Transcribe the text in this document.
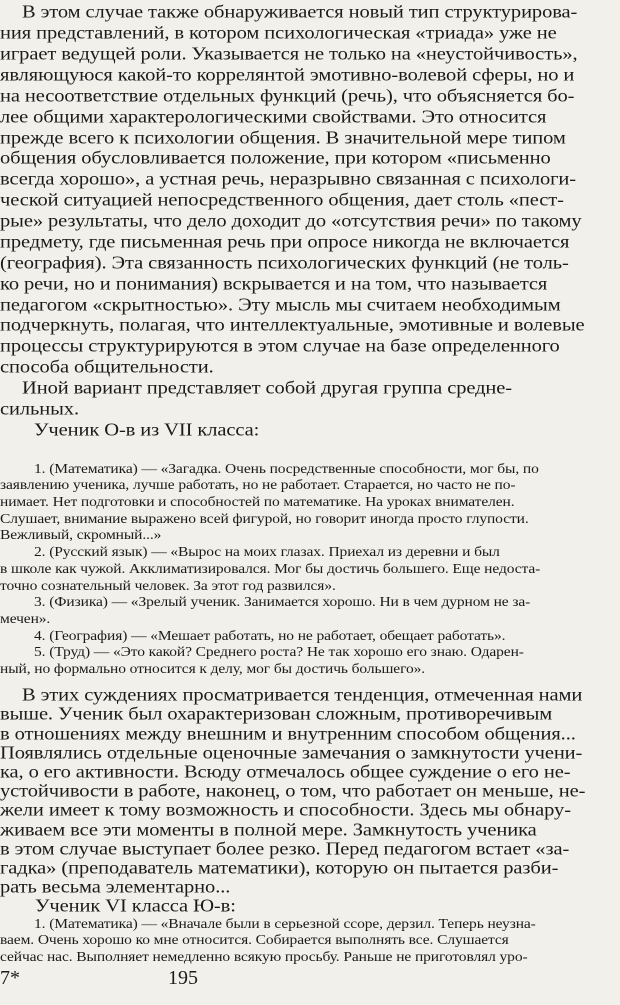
В этом случае также обнаруживается новый тип структурирова-
ния представлений, в котором психологическая «триада» уже не
играет ведущей роли. Указывается не только на «неустойчивость»,
являющуюся какой-то коррелянтой эмотивно-волевой сферы, но и
на несоответствие отдельных функций (речь), что объясняется бо-
лее общими характерологическими свойствами. Это относится
прежде всего к психологии общения. В значительной мере типом
общения обусловливается положение, при котором «письменно
всегда хорошо», а устная речь, неразрывно связанная с психологи-
ческой ситуацией непосредственного общения, дает столь «пест-
рые» результаты, что дело доходит до «отсутствия речи» по такому
предмету, где письменная речь при опросе никогда не включается
(география). Эта связанность психологических функций (не толь-
ко речи, но и понимания) вскрывается и на том, что называется
педагогом «скрытностью». Эту мысль мы считаем необходимым
подчеркнуть, полагая, что интеллектуальные, эмотивные и волевые
процессы структурируются в этом случае на базе определенного
способа общительности.
Иной вариант представляет собой другая группа среднe-
сильных.
Ученик О-в из VII класса:
1. (Математика) — «Загадка. Очень посредственные способности, мог бы, по
заявлению ученика, лучше работать, но не работает. Старается, но часто не по-
нимает. Нет подготовки и способностей по математике. На уроках внимателен.
Слушает, внимание выражено всей фигурой, но говорит иногда просто глупости.
Вежливый, скромный...»
2. (Русский язык) — «Вырос на моих глазах. Приехал из деревни и был
в школе как чужой. Акклиматизировался. Мог бы достичь большего. Еще недоста-
точно сознательный человек. За этот год развился».
3. (Физика) — «Зрелый ученик. Занимается хорошо. Ни в чем дурном не за-
мечен».
4. (География) — «Мешает работать, но не работает, обещает работать».
5. (Труд) — «Это какой? Среднего роста? Не так хорошо его знаю. Одарен-
ный, но формально относится к делу, мог бы достичь большего».
В этих суждениях просматривается тенденция, отмеченная нами
выше. Ученик был охарактеризован сложным, противоречивым
в отношениях между внешним и внутренним способом общения...
Появлялись отдельные оценочные замечания о замкнутости учени-
ка, о его активности. Всюду отмечалось общее суждение о его не-
устойчивости в работе, наконец, о том, что работает он меньше, не-
жели имеет к тому возможность и способности. Здесь мы обнару-
живаем все эти моменты в полной мере. Замкнутость ученика
в этом случае выступает более резко. Перед педагогом встает «за-
гадка» (преподаватель математики), которую он пытается разби-
рать весьма элементарно...
Ученик VI класса Ю-в:
1. (Математика) — «Вначале были в серьезной ссоре, дерзил. Теперь неузна-
ваем. Очень хорошо ко мне относится. Собирается выполнять все. Слушается
сейчас нас. Выполняет немедленно всякую просьбу. Раньше не приготовлял уро-
7*	195
